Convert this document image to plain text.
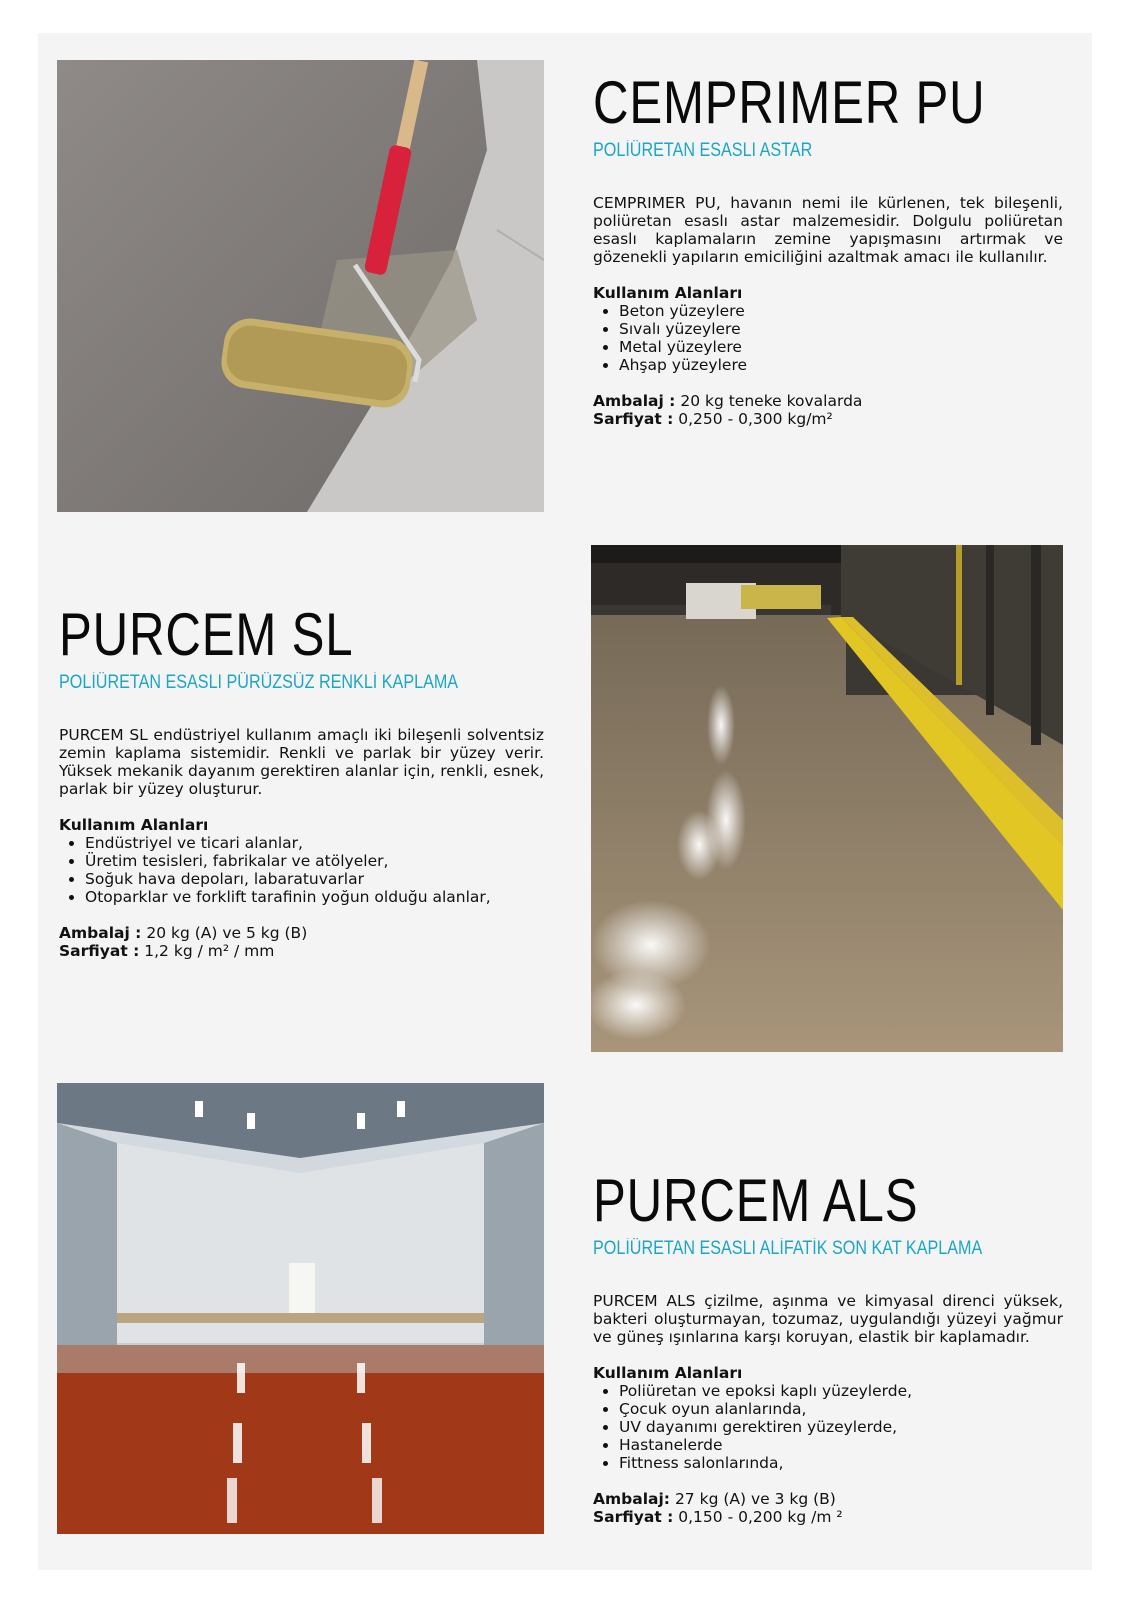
CEMPRIMER PU
POLİÜRETAN ESASLI ASTAR
CEMPRIMER PU, havanın nemi ile kürlenen, tek bileşenli, poliüretan esaslı astar malzemesidir. Dolgulu poliüretan esaslı kaplamaların zemine yapışmasını artırmak ve gözenekli yapıların emiciliğini azaltmak amacı ile kullanılır.
Kullanım Alanları
• Beton yüzeylere
• Sıvalı yüzeylere
• Metal yüzeylere
• Ahşap yüzeylere
Ambalaj : 20 kg teneke kovalarda
Sarfiyat : 0,250 - 0,300 kg/m²
PURCEM SL
POLİÜRETAN ESASLI PÜRÜZSÜZ RENKLİ KAPLAMA
PURCEM SL endüstriyel kullanım amaçlı iki bileşenli solventsiz zemin kaplama sistemidir. Renkli ve parlak bir yüzey verir. Yüksek mekanik dayanım gerektiren alanlar için, renkli, esnek, parlak bir yüzey oluşturur.
Kullanım Alanları
• Endüstriyel ve ticari alanlar,
• Üretim tesisleri, fabrikalar ve atölyeler,
• Soğuk hava depoları, labaratuvarlar
• Otoparklar ve forklift tarafinin yoğun olduğu alanlar,
Ambalaj : 20 kg (A) ve 5 kg (B)
Sarfiyat : 1,2 kg / m² / mm
PURCEM ALS
POLİÜRETAN ESASLI ALİFATİK SON KAT KAPLAMA
PURCEM ALS çizilme, aşınma ve kimyasal direnci yüksek, bakteri oluşturmayan, tozumaz, uygulandığı yüzeyi yağmur ve güneş ışınlarına karşı koruyan, elastik bir kaplamadır.
Kullanım Alanları
• Poliüretan ve epoksi kaplı yüzeylerde,
• Çocuk oyun alanlarında,
• UV dayanımı gerektiren yüzeylerde,
• Hastanelerde
• Fittness salonlarında,
Ambalaj: 27 kg (A) ve 3 kg (B)
Sarfiyat : 0,150 - 0,200 kg /m ²
